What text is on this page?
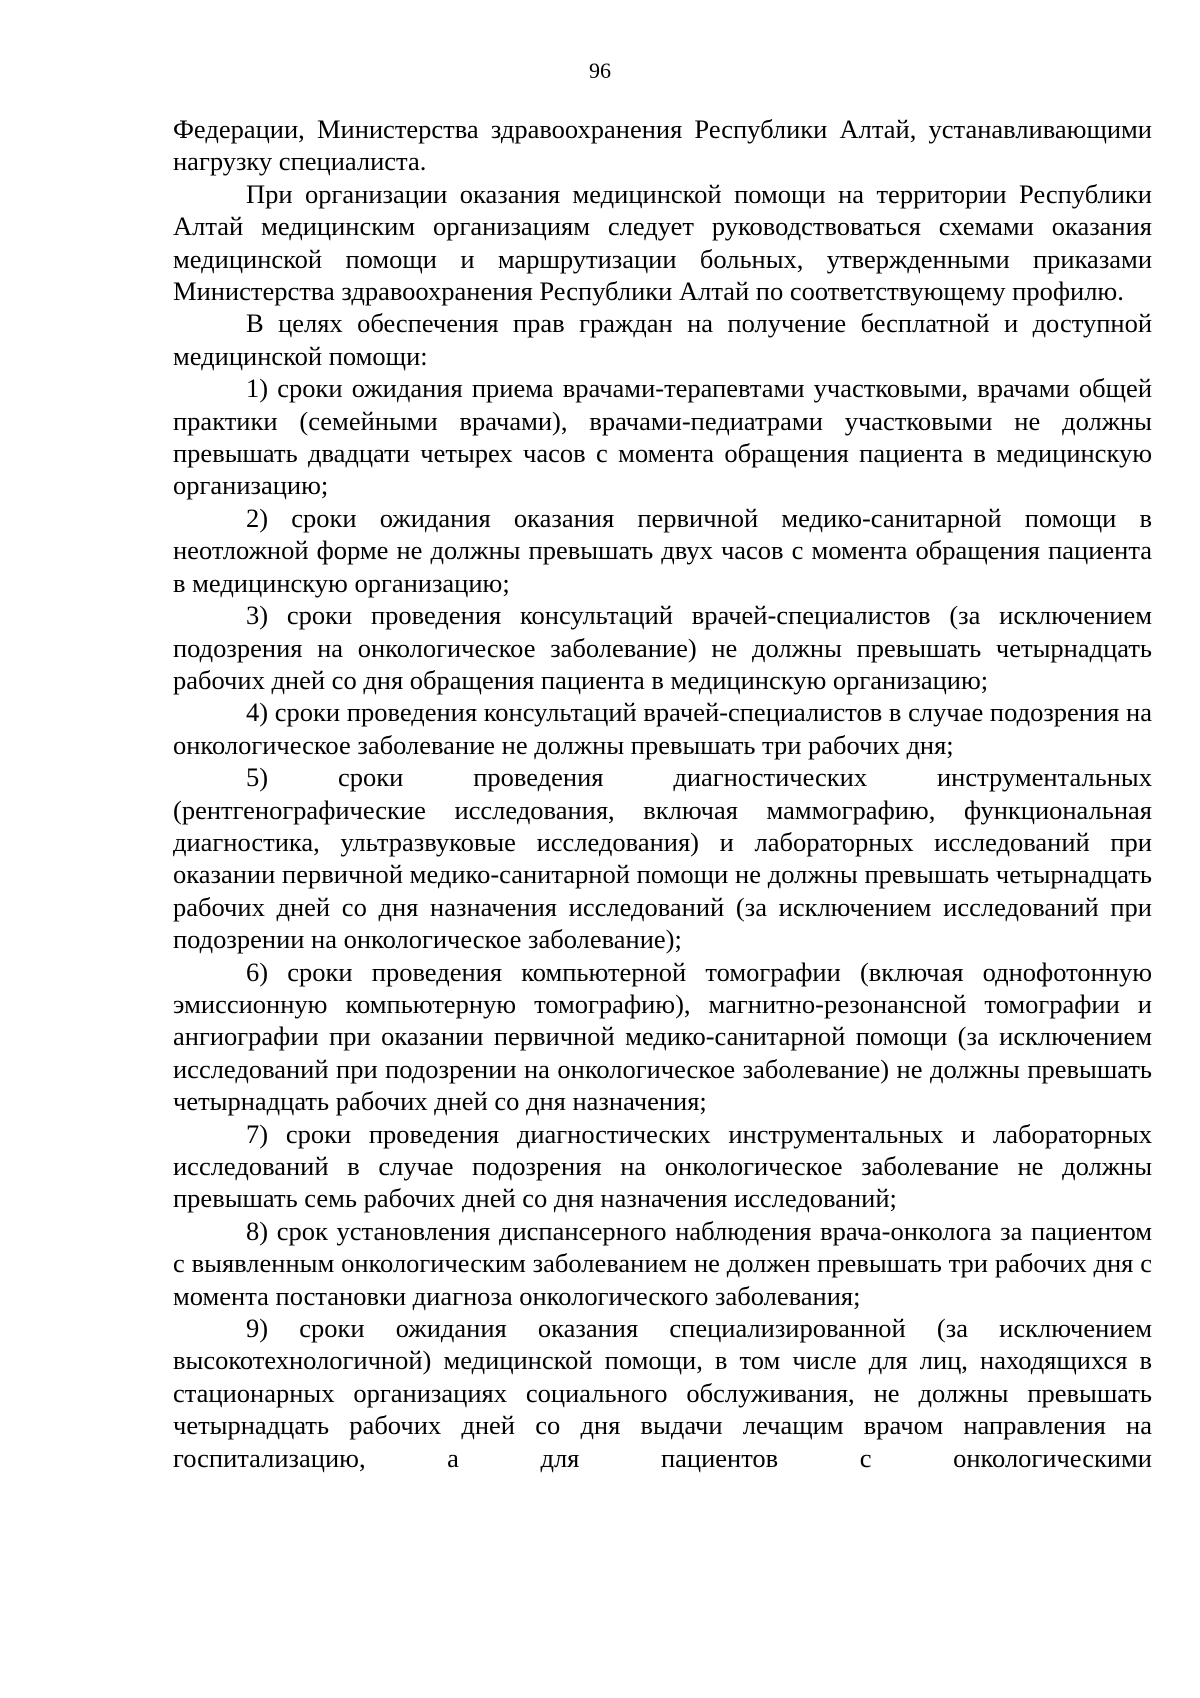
96

Федерации, Министерства здравоохранения Республики Алтай, устанавливающими нагрузку специалиста.

При организации оказания медицинской помощи на территории Республики Алтай медицинским организациям следует руководствоваться схемами оказания медицинской помощи и маршрутизации больных, утвержденными приказами Министерства здравоохранения Республики Алтай по соответствующему профилю.

В целях обеспечения прав граждан на получение бесплатной и доступной медицинской помощи:

1) сроки ожидания приема врачами-терапевтами участковыми, врачами общей практики (семейными врачами), врачами-педиатрами участковыми не должны превышать двадцати четырех часов с момента обращения пациента в медицинскую организацию;

2) сроки ожидания оказания первичной медико-санитарной помощи в неотложной форме не должны превышать двух часов с момента обращения пациента в медицинскую организацию;

3) сроки проведения консультаций врачей-специалистов (за исключением подозрения на онкологическое заболевание) не должны превышать четырнадцать рабочих дней со дня обращения пациента в медицинскую организацию;

4) сроки проведения консультаций врачей-специалистов в случае подозрения на онкологическое заболевание не должны превышать три рабочих дня;

5) сроки проведения диагностических инструментальных (рентгенографические исследования, включая маммографию, функциональная диагностика, ультразвуковые исследования) и лабораторных исследований при оказании первичной медико-санитарной помощи не должны превышать четырнадцать рабочих дней со дня назначения исследований (за исключением исследований при подозрении на онкологическое заболевание);

6) сроки проведения компьютерной томографии (включая однофотонную эмиссионную компьютерную томографию), магнитно-резонансной томографии и ангиографии при оказании первичной медико-санитарной помощи (за исключением исследований при подозрении на онкологическое заболевание) не должны превышать четырнадцать рабочих дней со дня назначения;

7) сроки проведения диагностических инструментальных и лабораторных исследований в случае подозрения на онкологическое заболевание не должны превышать семь рабочих дней со дня назначения исследований;

8) срок установления диспансерного наблюдения врача-онколога за пациентом с выявленным онкологическим заболеванием не должен превышать три рабочих дня с момента постановки диагноза онкологического заболевания;

9) сроки ожидания оказания специализированной (за исключением высокотехнологичной) медицинской помощи, в том числе для лиц, находящихся в стационарных организациях социального обслуживания, не должны превышать четырнадцать рабочих дней со дня выдачи лечащим врачом направления на госпитализацию, а для пациентов с онкологическими
